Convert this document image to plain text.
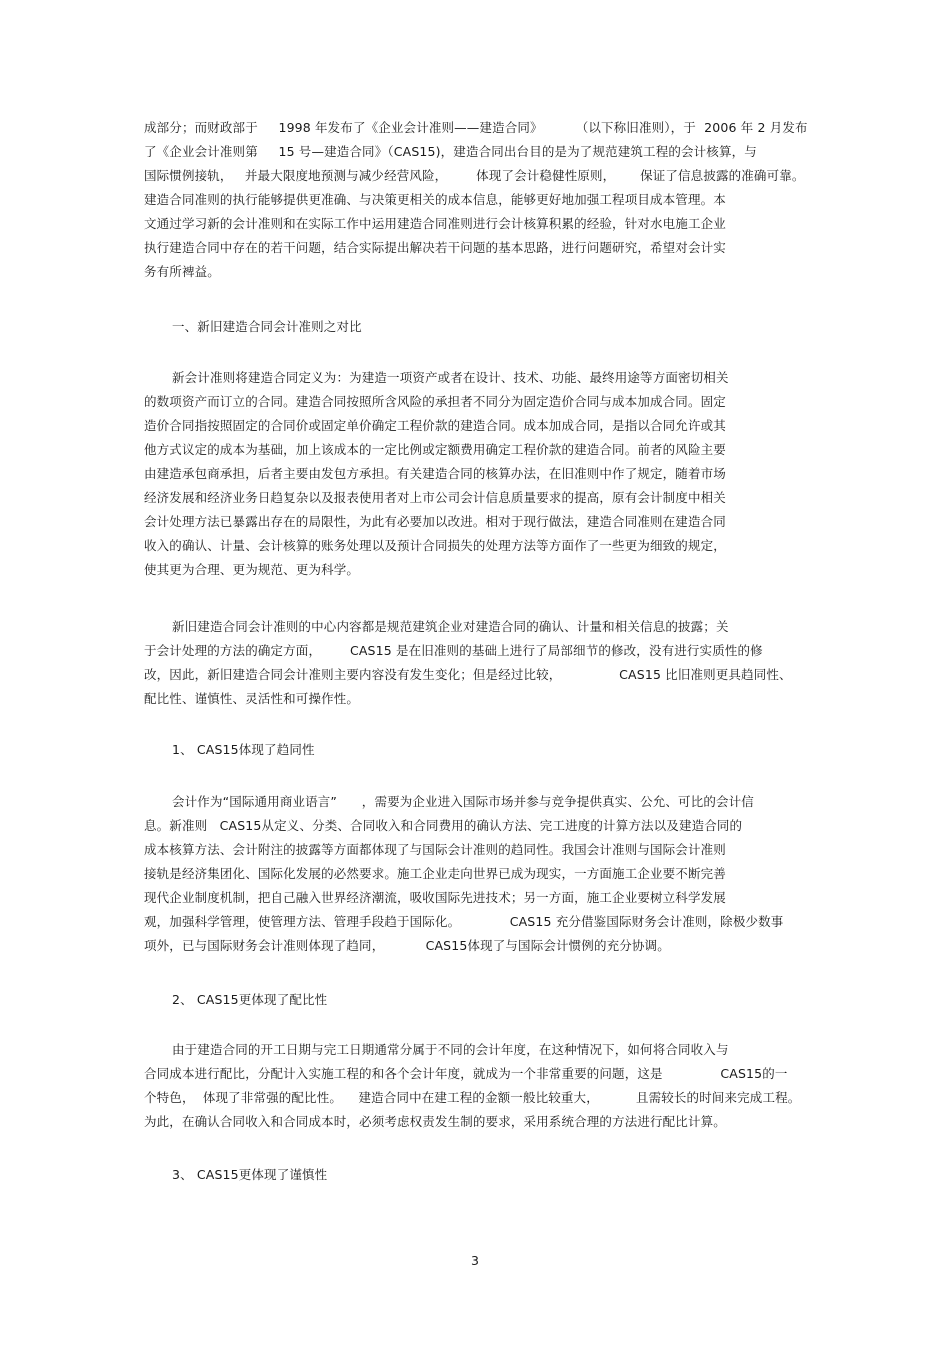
成部分；而财政部于     1998 年发布了《企业会计准则——建造合同》        （以下称旧准则），于  2006 年 2 月发布
了《企业会计准则第     15 号—建造合同》（CAS15)，建造合同出台目的是为了规范建筑工程的会计核算，与
国际惯例接轨，   并最大限度地预测与减少经营风险，       体现了会计稳健性原则，      保证了信息披露的准确可靠。
建造合同准则的执行能够提供更准确、与决策更相关的成本信息，能够更好地加强工程项目成本管理。本
文通过学习新的会计准则和在实际工作中运用建造合同准则进行会计核算积累的经验，针对水电施工企业
执行建造合同中存在的若干问题，结合实际提出解决若干问题的基本思路，进行问题研究，希望对会计实
务有所裨益。
一、新旧建造合同会计准则之对比
新会计准则将建造合同定义为：为建造一项资产或者在设计、技术、功能、最终用途等方面密切相关
的数项资产而订立的合同。建造合同按照所含风险的承担者不同分为固定造价合同与成本加成合同。固定
造价合同指按照固定的合同价或固定单价确定工程价款的建造合同。成本加成合同，是指以合同允许或其
他方式议定的成本为基础，加上该成本的一定比例或定额费用确定工程价款的建造合同。前者的风险主要
由建造承包商承担，后者主要由发包方承担。有关建造合同的核算办法，在旧准则中作了规定，随着市场
经济发展和经济业务日趋复杂以及报表使用者对上市公司会计信息质量要求的提高，原有会计制度中相关
会计处理方法已暴露出存在的局限性，为此有必要加以改进。相对于现行做法，建造合同准则在建造合同
收入的确认、计量、会计核算的账务处理以及预计合同损失的处理方法等方面作了一些更为细致的规定，
使其更为合理、更为规范、更为科学。
新旧建造合同会计准则的中心内容都是规范建筑企业对建造合同的确认、计量和相关信息的披露；关
于会计处理的方法的确定方面，       CAS15 是在旧准则的基础上进行了局部细节的修改，没有进行实质性的修
改，因此，新旧建造合同会计准则主要内容没有发生变化；但是经过比较，              CAS15 比旧准则更具趋同性、
配比性、谨慎性、灵活性和可操作性。
1、 CAS15体现了趋同性
会计作为“国际通用商业语言”      ，需要为企业进入国际市场并参与竞争提供真实、公允、可比的会计信
息。新准则   CAS15从定义、分类、合同收入和合同费用的确认方法、完工进度的计算方法以及建造合同的
成本核算方法、会计附注的披露等方面都体现了与国际会计准则的趋同性。我国会计准则与国际会计准则
接轨是经济集团化、国际化发展的必然要求。施工企业走向世界已成为现实，一方面施工企业要不断完善
现代企业制度机制，把自己融入世界经济潮流，吸收国际先进技术；另一方面，施工企业要树立科学发展
观，加强科学管理，使管理方法、管理手段趋于国际化。            CAS15 充分借鉴国际财务会计准则，除极少数事
项外，已与国际财务会计准则体现了趋同，          CAS15体现了与国际会计惯例的充分协调。
2、 CAS15更体现了配比性
由于建造合同的开工日期与完工日期通常分属于不同的会计年度，在这种情况下，如何将合同收入与
合同成本进行配比，分配计入实施工程的和各个会计年度，就成为一个非常重要的问题，这是              CAS15的一
个特色，  体现了非常强的配比性。    建造合同中在建工程的金额一般比较重大，         且需较长的时间来完成工程。
为此，在确认合同收入和合同成本时，必须考虑权责发生制的要求，采用系统合理的方法进行配比计算。
3、 CAS15更体现了谨慎性
3
